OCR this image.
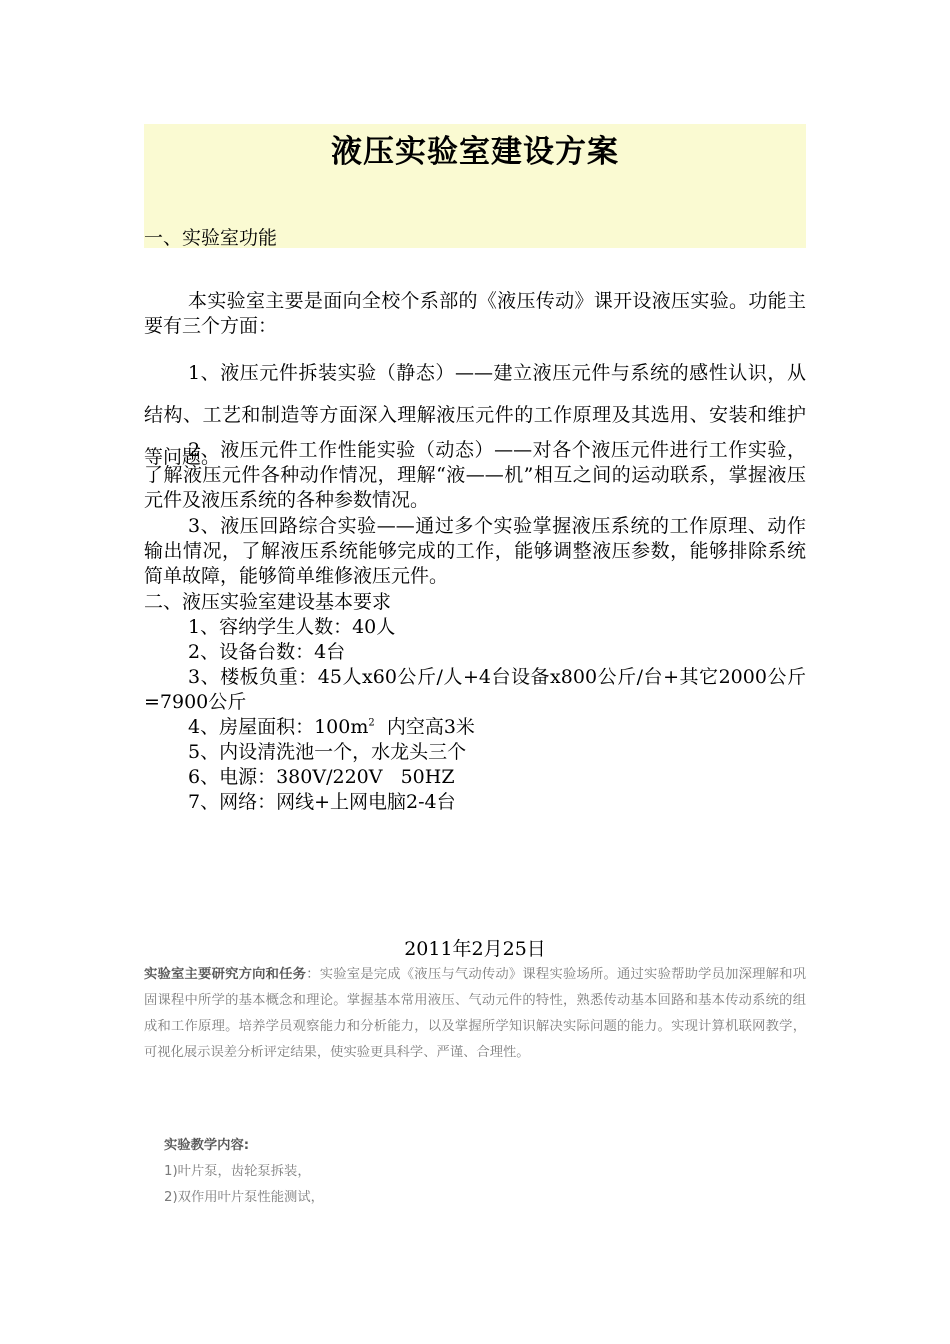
液压实验室建设方案
一、实验室功能

本实验室主要是面向全校个系部的《液压传动》课开设液压实验。功能主要有三个方面：

1、液压元件拆装实验（静态）——建立液压元件与系统的感性认识，从结构、工艺和制造等方面深入理解液压元件的工作原理及其选用、安装和维护等问题。

2、液压元件工作性能实验（动态）——对各个液压元件进行工作实验，了解液压元件各种动作情况，理解“液——机”相互之间的运动联系，掌握液压元件及液压系统的各种参数情况。

3、液压回路综合实验——通过多个实验掌握液压系统的工作原理、动作输出情况，了解液压系统能够完成的工作，能够调整液压参数，能够排除系统简单故障，能够简单维修液压元件。

二、液压实验室建设基本要求
1、容纳学生人数：40人
2、设备台数：4台

3、楼板负重：45人x60公斤/人+4台设备x800公斤/台+其它2000公斤=7900公斤

4、房屋面积：$100m^2$  内空高3米
5、内设清洗池一个，水龙头三个
6、电源：380V/220V   50HZ
7、网络：网线+上网电脑2-4台
2011年2月25日

实验室主要研究方向和任务：实验室是完成《液压与气动传动》课程实验场所。通过实验帮助学员加深理解和巩固课程中所学的基本概念和理论。掌握基本常用液压、气动元件的特性，熟悉传动基本回路和基本传动系统的组成和工作原理。培养学员观察能力和分析能力，以及掌握所学知识解决实际问题的能力。实现计算机联网教学，可视化展示误差分析评定结果，使实验更具科学、严谨、合理性。

实验教学内容:
1)叶片泵，齿轮泵拆装，
2)双作用叶片泵性能测试，
